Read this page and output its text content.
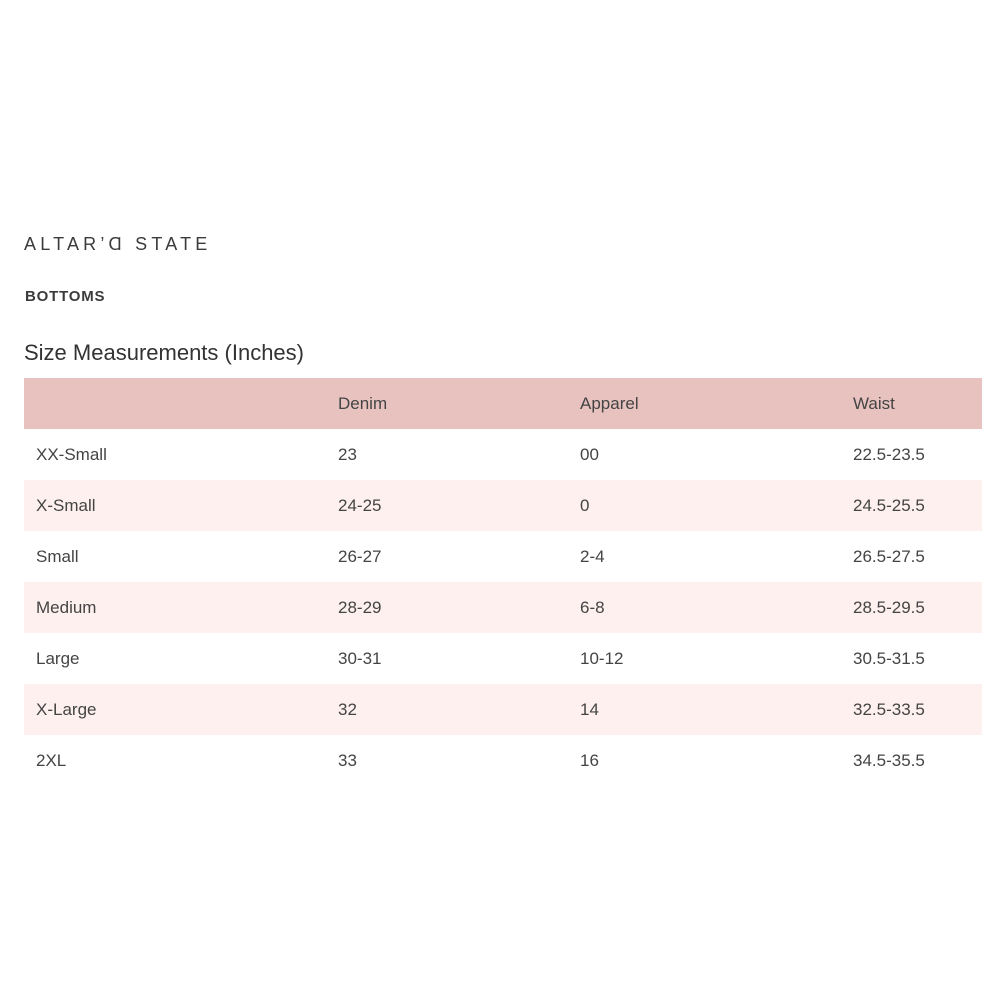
ALTAR’Ɑ STATE
BOTTOMS
Size Measurements (Inches)
	Denim	Apparel	Waist
XX-Small	23	00	22.5-23.5
X-Small	24-25	0	24.5-25.5
Small	26-27	2-4	26.5-27.5
Medium	28-29	6-8	28.5-29.5
Large	30-31	10-12	30.5-31.5
X-Large	32	14	32.5-33.5
2XL	33	16	34.5-35.5
